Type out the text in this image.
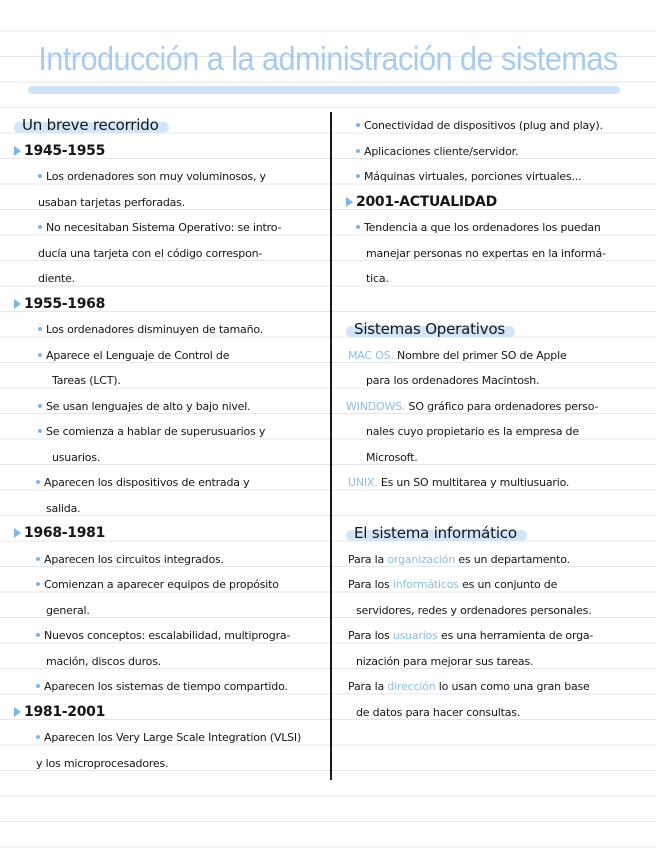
Introducción a la administración de sistemas
Un breve recorrido
1945-1955
Los ordenadores son muy voluminosos, y
usaban tarjetas perforadas.
No necesitaban Sistema Operativo: se intro-
ducía una tarjeta con el código correspon-
diente.
1955-1968
Los ordenadores disminuyen de tamaño.
Aparece el Lenguaje de Control de
Tareas (LCT).
Se usan lenguajes de alto y bajo nivel.
Se comienza a hablar de superusuarios y
usuarios.
Aparecen los dispositivos de entrada y
salida.
1968-1981
Aparecen los circuitos integrados.
Comienzan a aparecer equipos de propósito
general.
Nuevos conceptos: escalabilidad, multiprogra-
mación, discos duros.
Aparecen los sistemas de tiempo compartido.
1981-2001
Aparecen los Very Large Scale Integration (VLSI)
y los microprocesadores.
Conectividad de dispositivos (plug and play).
Aplicaciones cliente/servidor.
Máquinas virtuales, porciones virtuales...
2001-ACTUALIDAD
Tendencia a que los ordenadores los puedan
manejar personas no expertas en la informá-
tica.
Sistemas Operativos
MAC OS. Nombre del primer SO de Apple
para los ordenadores Macintosh.
WINDOWS. SO gráfico para ordenadores perso-
nales cuyo propietario es la empresa de
Microsoft.
UNIX. Es un SO multitarea y multiusuario.
El sistema informático
Para la organización es un departamento.
Para los informáticos es un conjunto de
servidores, redes y ordenadores personales.
Para los usuarios es una herramienta de orga-
nización para mejorar sus tareas.
Para la dirección lo usan como una gran base
de datos para hacer consultas.
